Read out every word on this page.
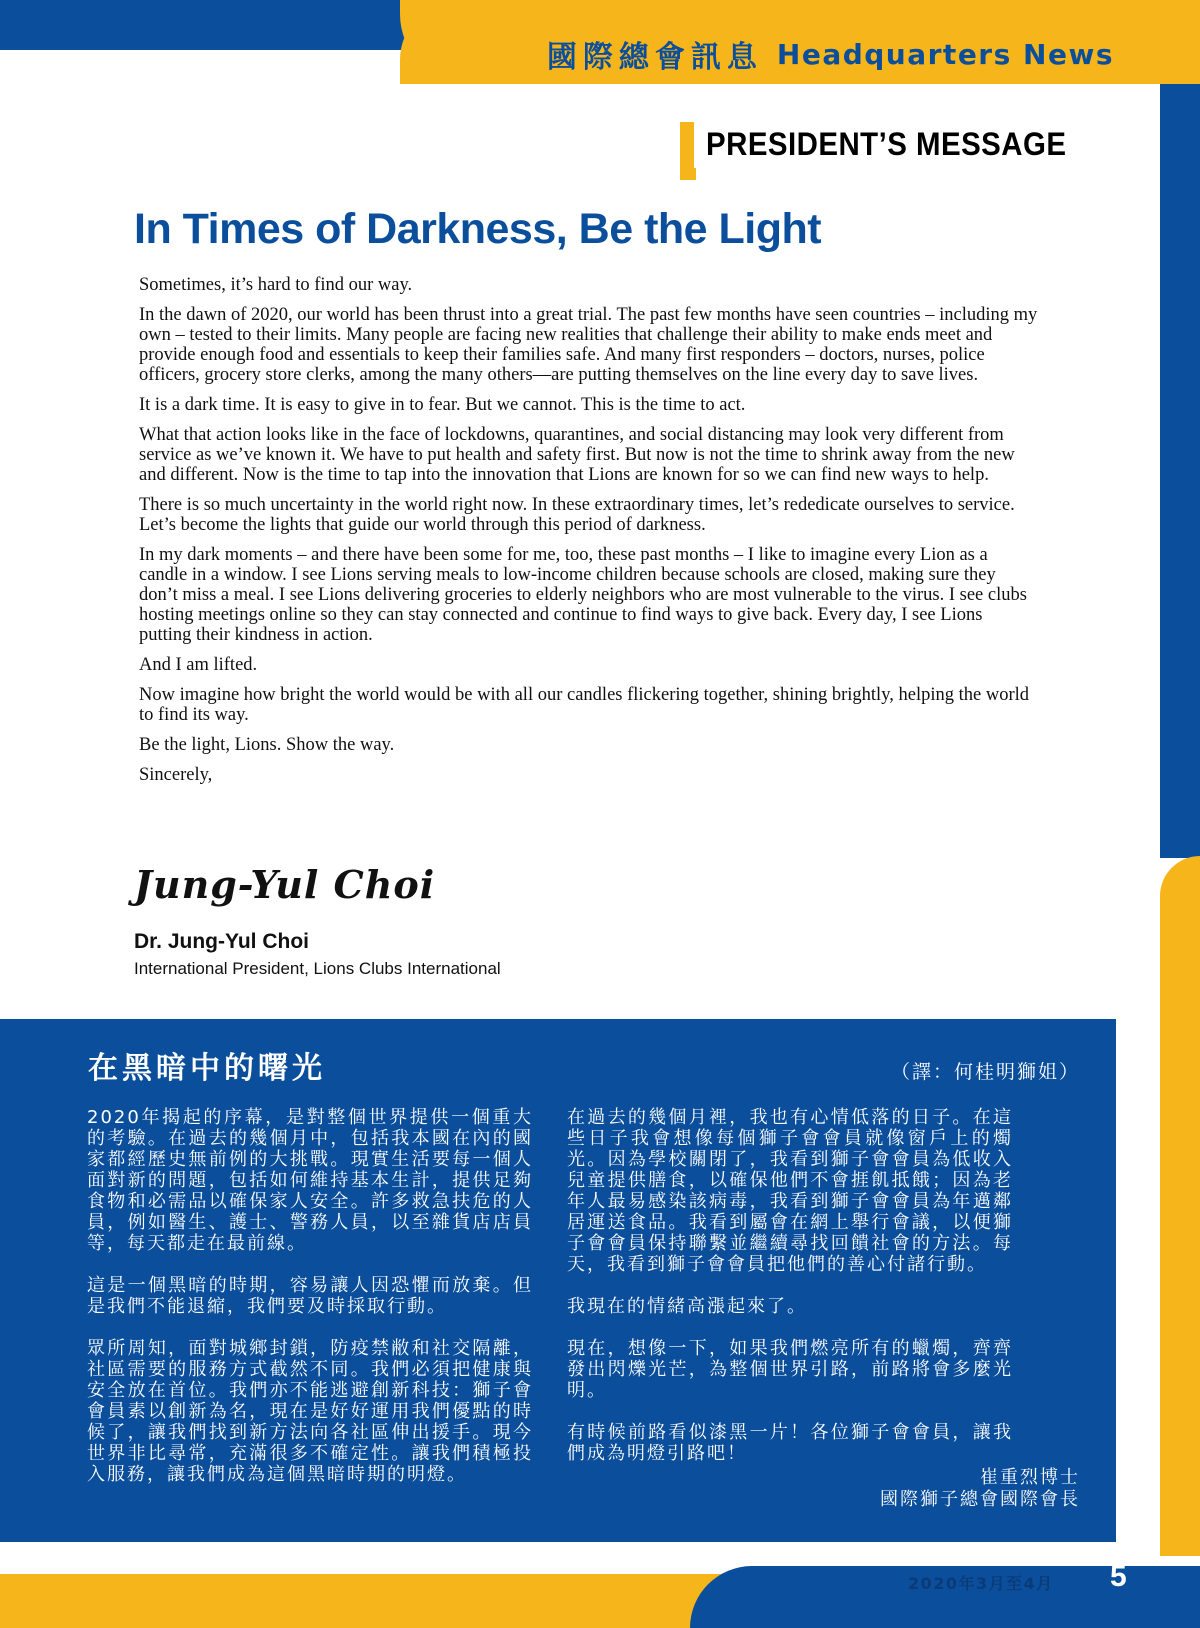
國際總會訊息 Headquarters News
PRESIDENT’S MESSAGE
In Times of Darkness, Be the Light

Sometimes, it’s hard to find our way.

In the dawn of 2020, our world has been thrust into a great trial. The past few months have seen countries – including my own – tested to their limits. Many people are facing new realities that challenge their ability to make ends meet and provide enough food and essentials to keep their families safe. And many first responders – doctors, nurses, police officers, grocery store clerks, among the many others—are putting themselves on the line every day to save lives.

It is a dark time. It is easy to give in to fear. But we cannot. This is the time to act.

What that action looks like in the face of lockdowns, quarantines, and social distancing may look very different from service as we’ve known it. We have to put health and safety first. But now is not the time to shrink away from the new and different. Now is the time to tap into the innovation that Lions are known for so we can find new ways to help.

There is so much uncertainty in the world right now. In these extraordinary times, let’s rededicate ourselves to service. Let’s become the lights that guide our world through this period of darkness.

In my dark moments – and there have been some for me, too, these past months – I like to imagine every Lion as a candle in a window. I see Lions serving meals to low-income children because schools are closed, making sure they don’t miss a meal. I see Lions delivering groceries to elderly neighbors who are most vulnerable to the virus. I see clubs hosting meetings online so they can stay connected and continue to find ways to give back. Every day, I see Lions putting their kindness in action.

And I am lifted.

Now imagine how bright the world would be with all our candles flickering together, shining brightly, helping the world to find its way.

Be the light, Lions. Show the way.

Sincerely,

Jung-Yul Choi
Dr. Jung-Yul Choi
International President, Lions Clubs International
在黑暗中的曙光	（譯：何桂明獅姐）

2020年揭起的序幕，是對整個世界提供一個重大的考驗。在過去的幾個月中，包括我本國在內的國家都經歷史無前例的大挑戰。現實生活要每一個人面對新的問題，包括如何維持基本生計，提供足夠食物和必需品以確保家人安全。許多救急扶危的人員，例如醫生、護士、警務人員，以至雜貨店店員等，每天都走在最前線。

這是一個黑暗的時期，容易讓人因恐懼而放棄。但是我們不能退縮，我們要及時採取行動。

眾所周知，面對城鄉封鎖，防疫禁敝和社交隔離，社區需要的服務方式截然不同。我們必須把健康與安全放在首位。我們亦不能逃避創新科技：獅子會會員素以創新為名，現在是好好運用我們優點的時候了，讓我們找到新方法向各社區伸出援手。現今世界非比尋常，充滿很多不確定性。讓我們積極投入服務，讓我們成為這個黑暗時期的明燈。

在過去的幾個月裡，我也有心情低落的日子。在這些日子我會想像每個獅子會會員就像窗戶上的燭光。因為學校關閉了，我看到獅子會會員為低收入兒童提供膳食，以確保他們不會捱飢抵餓；因為老年人最易感染該病毒，我看到獅子會會員為年邁鄰居運送食品。我看到屬會在網上舉行會議，以便獅子會會員保持聯繫並繼續尋找回饋社會的方法。每天，我看到獅子會會員把他們的善心付諸行動。

我現在的情緒高漲起來了。

現在，想像一下，如果我們燃亮所有的蠟燭，齊齊發出閃爍光芒，為整個世界引路，前路將會多麼光明。

有時候前路看似漆黑一片！各位獅子會會員，讓我們成為明燈引路吧！

崔重烈博士
國際獅子總會國際會長
2020年3月至4月 5
